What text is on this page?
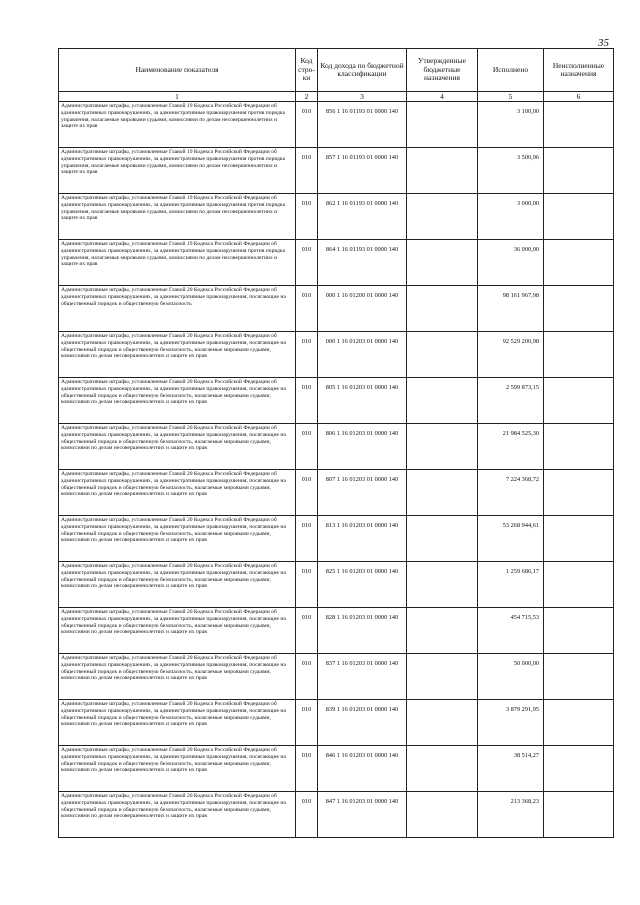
35
Наименование показателя	Код стро-ки	Код дохода по бюджетной классификации	Утвержденные бюджетные назначения	Исполнено	Неисполненные назначения
1	2	3	4	5	6
Административные штрафы, установленные Главой 19 Кодекса Российской Федерации об административных правонарушениях, за административные правонарушения против порядка управления, налагаемые мировыми судьями, комиссиями по делам несовершеннолетних и защите их прав	010	856 1 16 01193 01 0000 140		3 100,00	
Административные штрафы, установленные Главой 19 Кодекса Российской Федерации об административных правонарушениях, за административные правонарушения против порядка управления, налагаемые мировыми судьями, комиссиями по делам несовершеннолетних и защите их прав	010	857 1 16 01193 01 0000 140		3 500,96	
Административные штрафы, установленные Главой 19 Кодекса Российской Федерации об административных правонарушениях, за административные правонарушения против порядка управления, налагаемые мировыми судьями, комиссиями по делам несовершеннолетних и защите их прав	010	862 1 16 01193 01 0000 140		3 000,00	
Административные штрафы, установленные Главой 19 Кодекса Российской Федерации об административных правонарушениях, за административные правонарушения против порядка управления, налагаемые мировыми судьями, комиссиями по делам несовершеннолетних и защите их прав	010	864 1 16 01193 01 0000 140		36 000,00	
Административные штрафы, установленные Главой 20 Кодекса Российской Федерации об административных правонарушениях, за административные правонарушения, посягающие на общественный порядок и общественную безопасность	010	000 1 16 01200 01 0000 140		98 161 967,98	
Административные штрафы, установленные Главой 20 Кодекса Российской Федерации об административных правонарушениях, за административные правонарушения, посягающие на общественный порядок и общественную безопасность, налагаемые мировыми судьями, комиссиями по делам несовершеннолетних и защите их прав	010	000 1 16 01203 01 0000 140		92 529 200,98	
Административные штрафы, установленные Главой 20 Кодекса Российской Федерации об административных правонарушениях, за административные правонарушения, посягающие на общественный порядок и общественную безопасность, налагаемые мировыми судьями, комиссиями по делам несовершеннолетних и защите их прав	010	805 1 16 01203 01 0000 140		2 599 873,15	
Административные штрафы, установленные Главой 20 Кодекса Российской Федерации об административных правонарушениях, за административные правонарушения, посягающие на общественный порядок и общественную безопасность, налагаемые мировыми судьями, комиссиями по делам несовершеннолетних и защите их прав	010	806 1 16 01203 01 0000 140		21 984 525,30	
Административные штрафы, установленные Главой 20 Кодекса Российской Федерации об административных правонарушениях, за административные правонарушения, посягающие на общественный порядок и общественную безопасность, налагаемые мировыми судьями, комиссиями по делам несовершеннолетних и защите их прав	010	807 1 16 01203 01 0000 140		7 224 368,72	
Административные штрафы, установленные Главой 20 Кодекса Российской Федерации об административных правонарушениях, за административные правонарушения, посягающие на общественный порядок и общественную безопасность, налагаемые мировыми судьями, комиссиями по делам несовершеннолетних и защите их прав	010	813 1 16 01203 01 0000 140		53 268 944,61	
Административные штрафы, установленные Главой 20 Кодекса Российской Федерации об административных правонарушениях, за административные правонарушения, посягающие на общественный порядок и общественную безопасность, налагаемые мировыми судьями, комиссиями по делам несовершеннолетних и защите их прав	010	825 1 16 01203 01 0000 140		1 259 686,17	
Административные штрафы, установленные Главой 20 Кодекса Российской Федерации об административных правонарушениях, за административные правонарушения, посягающие на общественный порядок и общественную безопасность, налагаемые мировыми судьями, комиссиями по делам несовершеннолетних и защите их прав	010	828 1 16 01203 01 0000 140		454 715,53	
Административные штрафы, установленные Главой 20 Кодекса Российской Федерации об административных правонарушениях, за административные правонарушения, посягающие на общественный порядок и общественную безопасность, налагаемые мировыми судьями, комиссиями по делам несовершеннолетних и защите их прав	010	837 1 16 01203 01 0000 140		50 000,00	
Административные штрафы, установленные Главой 20 Кодекса Российской Федерации об административных правонарушениях, за административные правонарушения, посягающие на общественный порядок и общественную безопасность, налагаемые мировыми судьями, комиссиями по делам несовершеннолетних и защите их прав	010	839 1 16 01203 01 0000 140		3 879 291,95	
Административные штрафы, установленные Главой 20 Кодекса Российской Федерации об административных правонарушениях, за административные правонарушения, посягающие на общественный порядок и общественную безопасность, налагаемые мировыми судьями, комиссиями по делам несовершеннолетних и защите их прав	010	846 1 16 01203 01 0000 140		38 514,27	
Административные штрафы, установленные Главой 20 Кодекса Российской Федерации об административных правонарушениях, за административные правонарушения, посягающие на общественный порядок и общественную безопасность, налагаемые мировыми судьями, комиссиями по делам несовершеннолетних и защите их прав	010	847 1 16 01203 01 0000 140		213 368,23	
